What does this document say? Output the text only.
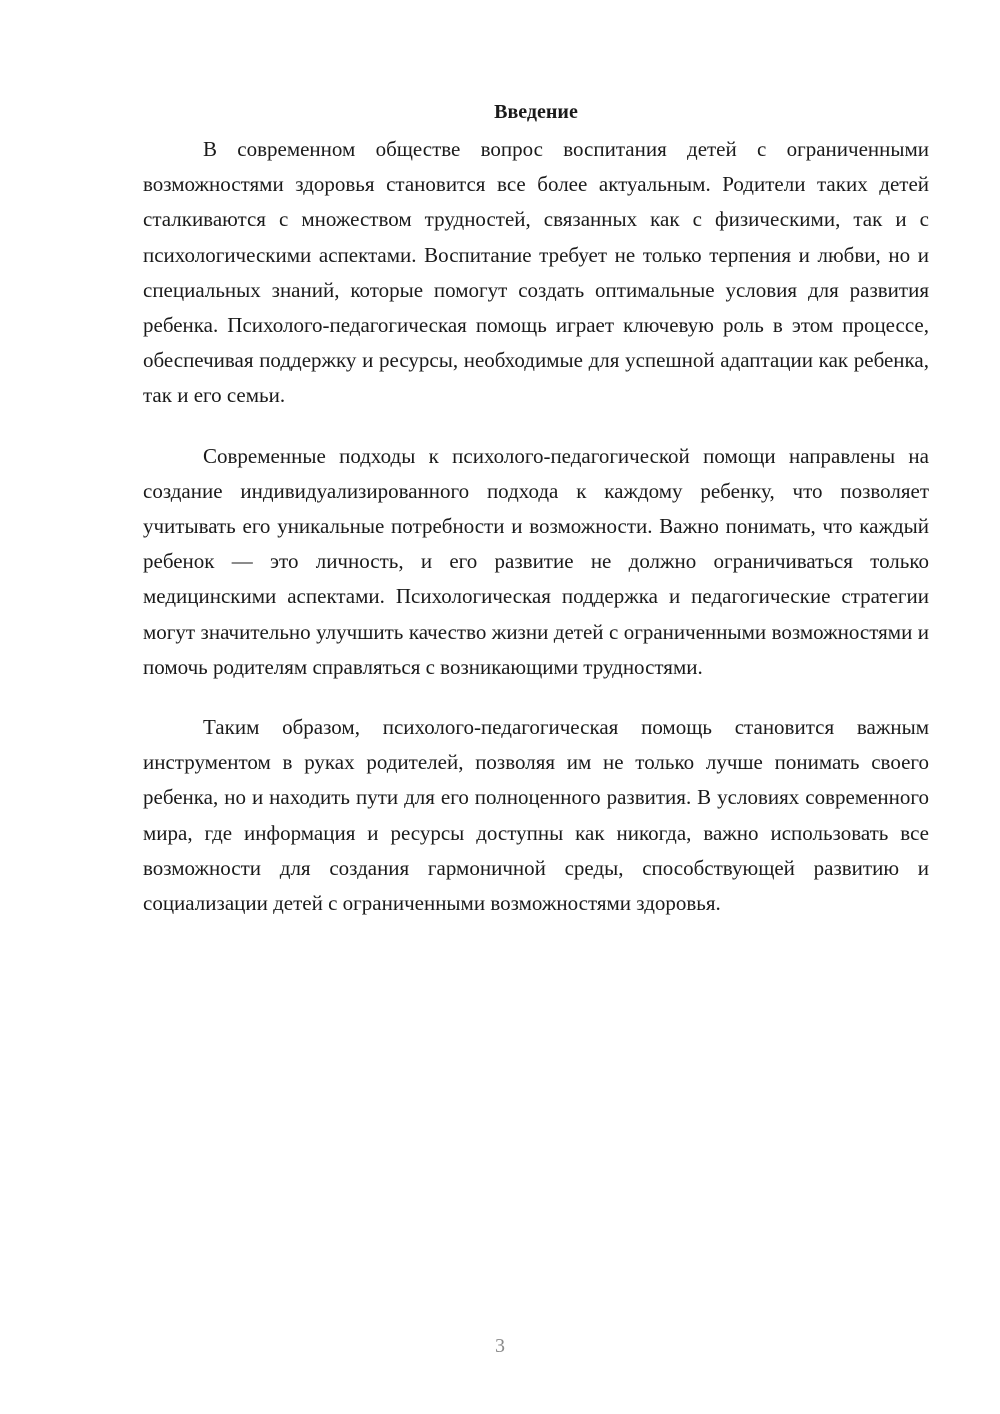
Введение

В современном обществе вопрос воспитания детей с ограниченными возможностями здоровья становится все более актуальным. Родители таких детей сталкиваются с множеством трудностей, связанных как с физическими, так и с психологическими аспектами. Воспитание требует не только терпения и любви, но и специальных знаний, которые помогут создать оптимальные условия для развития ребенка. Психолого-педагогическая помощь играет ключевую роль в этом процессе, обеспечивая поддержку и ресурсы, необходимые для успешной адаптации как ребенка, так и его семьи.

Современные подходы к психолого-педагогической помощи направлены на создание индивидуализированного подхода к каждому ребенку, что позволяет учитывать его уникальные потребности и возможности. Важно понимать, что каждый ребенок — это личность, и его развитие не должно ограничиваться только медицинскими аспектами. Психологическая поддержка и педагогические стратегии могут значительно улучшить качество жизни детей с ограниченными возможностями и помочь родителям справляться с возникающими трудностями.

Таким образом, психолого-педагогическая помощь становится важным инструментом в руках родителей, позволяя им не только лучше понимать своего ребенка, но и находить пути для его полноценного развития. В условиях современного мира, где информация и ресурсы доступны как никогда, важно использовать все возможности для создания гармоничной среды, способствующей развитию и социализации детей с ограниченными возможностями здоровья.

3
